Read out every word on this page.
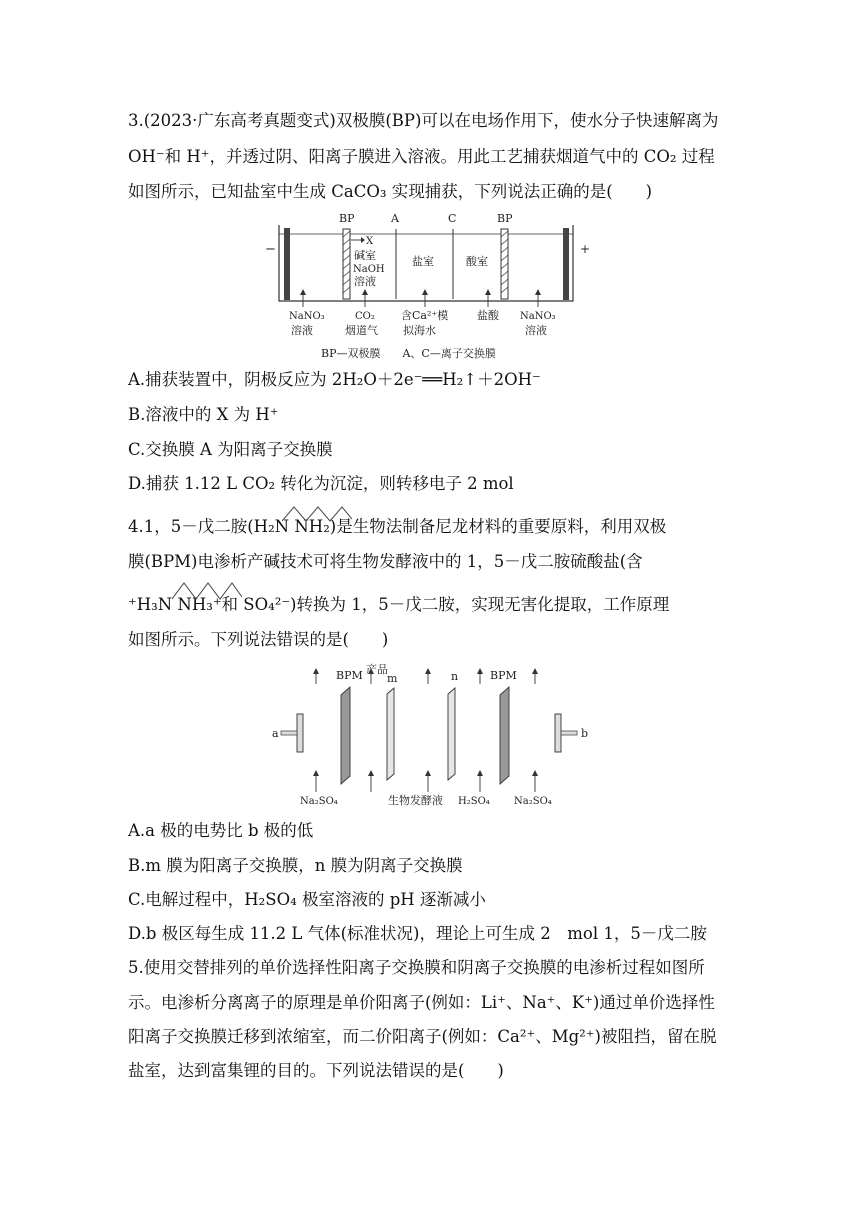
3.(2023·广东高考真题变式)双极膜(BP)可以在电场作用下，使水分子快速解离为
OH⁻和 H⁺，并透过阴、阳离子膜进入溶液。用此工艺捕获烟道气中的 CO₂ 过程
如图所示，已知盐室中生成 CaCO₃ 实现捕获，下列说法正确的是(　　)
−	+
BP	A	C	BP
X
碱室
NaOH
溶液
盐室	酸室
NaNO₃
溶液
CO₂
烟道气
含Ca²⁺模
拟海水
盐酸 NaNO₃
溶液
BP—双极膜　　A、C—离子交换膜
A.捕获装置中，阴极反应为 2H₂O＋2e⁻══H₂↑＋2OH⁻
B.溶液中的 X 为 H⁺
C.交换膜 A 为阳离子交换膜
D.捕获 1.12 L CO₂ 转化为沉淀，则转移电子 2 mol
4.1，5－戊二胺(H₂N NH₂)是生物法制备尼龙材料的重要原料，利用双极
膜(BPM)电渗析产碱技术可将生物发酵液中的 1，5－戊二胺硫酸盐(含
⁺H₃N NH₃⁺和 SO₄²⁻)转换为 1，5－戊二胺，实现无害化提取，工作原理
如图所示。下列说法错误的是(　　)
BPM 产品
m	n	BPM
a	b
Na₂SO₄	生物发酵液 H₂SO₄ Na₂SO₄
A.a 极的电势比 b 极的低
B.m 膜为阳离子交换膜，n 膜为阴离子交换膜
C.电解过程中，H₂SO₄ 极室溶液的 pH 逐渐减小
D.b 极区每生成 11.2 L 气体(标准状况)，理论上可生成 2　mol 1，5－戊二胺
5.使用交替排列的单价选择性阳离子交换膜和阴离子交换膜的电渗析过程如图所
示。电渗析分离离子的原理是单价阳离子(例如：Li⁺、Na⁺、K⁺)通过单价选择性
阳离子交换膜迁移到浓缩室，而二价阳离子(例如：Ca²⁺、Mg²⁺)被阻挡，留在脱
盐室，达到富集锂的目的。下列说法错误的是(　　)
